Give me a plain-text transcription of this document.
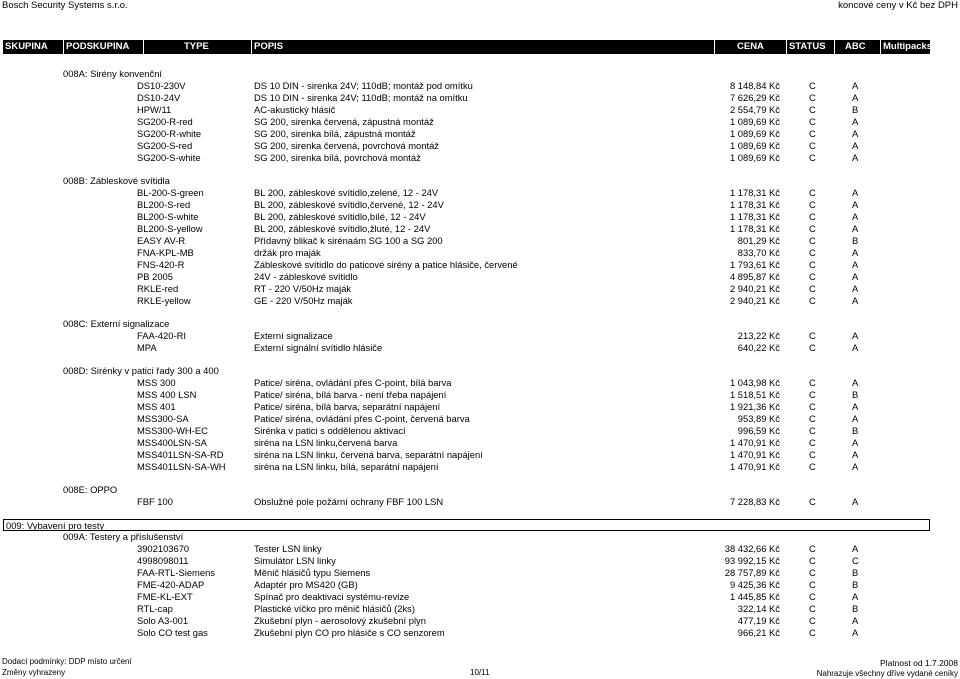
Bosch Security Systems s.r.o.	koncové ceny v Kč bez DPH
SKUPINA	PODSKUPINA	TYPE	POPIS	CENA	STATUS	ABC	Multipacks
008A: Sirény konvenční
DS10-230V	DS 10 DIN - sirenka 24V; 110dB; montáž pod omítku	8 148,84 Kč	C	A
DS10-24V	DS 10 DIN - sirenka 24V; 110dB; montáž na omítku	7 626,29 Kč	C	A
HPW/11	AC-akustický hlásič	2 554,79 Kč	C	B
SG200-R-red	SG 200, sirenka červená, zápustná montáž	1 089,69 Kč	C	A
SG200-R-white	SG 200, sirenka bílá, zápustná montáž	1 089,69 Kč	C	A
SG200-S-red	SG 200, sirenka červená, povrchová montáž	1 089,69 Kč	C	A
SG200-S-white	SG 200, sirenka bílá, povrchová montáž	1 089,69 Kč	C	A
008B: Zábleskové svítidla
BL-200-S-green	BL 200, zábleskové svítidlo,zelené, 12 - 24V	1 178,31 Kč	C	A
BL200-S-red	BL 200, zábleskové svítidlo,červené, 12 - 24V	1 178,31 Kč	C	A
BL200-S-white	BL 200, zábleskové svítidlo,bílé, 12 - 24V	1 178,31 Kč	C	A
BL200-S-yellow	BL 200, zábleskové svítidlo,žluté, 12 - 24V	1 178,31 Kč	C	A
EASY AV-R	Přídavný blikač k sirénaám SG 100 a SG 200	801,29 Kč	C	B
FNA-KPL-MB	držák pro maják	833,70 Kč	C	A
FNS-420-R	Zábleskové svítidlo do paticové sirény a patice hlásiče, červené	1 793,61 Kč	C	A
PB 2005	24V - zábleskové svítidlo	4 895,87 Kč	C	A
RKLE-red	RT - 220 V/50Hz maják	2 940,21 Kč	C	A
RKLE-yellow	GE - 220 V/50Hz maják	2 940,21 Kč	C	A
008C: Externí signalizace
FAA-420-RI	Externí signalizace	213,22 Kč	C	A
MPA	Externí signální svítidlo hlásiče	640,22 Kč	C	A
008D: Sirénky v patici řady 300 a 400
MSS 300	Patice/ siréna, ovládání přes C-point, bílá barva	1 043,98 Kč	C	A
MSS 400 LSN	Patice/ siréna, bílá barva - není třeba napájení	1 518,51 Kč	C	B
MSS 401	Patice/ siréna, bílá barva, separátní napájení	1 921,36 Kč	C	A
MSS300-SA	Patice/ siréna, ovládání přes C-point, červená barva	953,89 Kč	C	A
MSS300-WH-EC	Sirénka v patici s oddělenou aktivací	996,59 Kč	C	B
MSS400LSN-SA	siréna na LSN linku,červená barva	1 470,91 Kč	C	A
MSS401LSN-SA-RD	siréna na LSN linku, červená barva, separátní napájení	1 470,91 Kč	C	A
MSS401LSN-SA-WH	siréna na LSN linku, bílá, separátní napájení	1 470,91 Kč	C	A
008E: OPPO
FBF 100	Obslužné pole požární ochrany FBF 100 LSN	7 228,83 Kč	C	A
009: Vybavení pro testy
009A: Testery a příslušenství
3902103670	Tester LSN linky	38 432,66 Kč	C	A
4998098011	Simulátor LSN linky	93 992,15 Kč	C	C
FAA-RTL-Siemens	Měnič hlásičů typu Siemens	28 757,89 Kč	C	B
FME-420-ADAP	Adaptér pro MS420 (GB)	9 425,36 Kč	C	B
FME-KL-EXT	Spínač pro deaktivaci systému-revize	1 445,85 Kč	C	A
RTL-cap	Plastické víčko pro měnič hlásičů (2ks)	322,14 Kč	C	B
Solo A3-001	Zkušební plyn - aerosolový zkušební plyn	477,19 Kč	C	A
Solo CO test gas	Zkušební plyn CO pro hlásiče s CO senzorem	966,21 Kč	C	A
Dodací podmínky: DDP místo určení
Změny vyhrazeny	10/11
Platnost od 1.7.2008
Nahrazuje všechny dříve vydané ceníky
